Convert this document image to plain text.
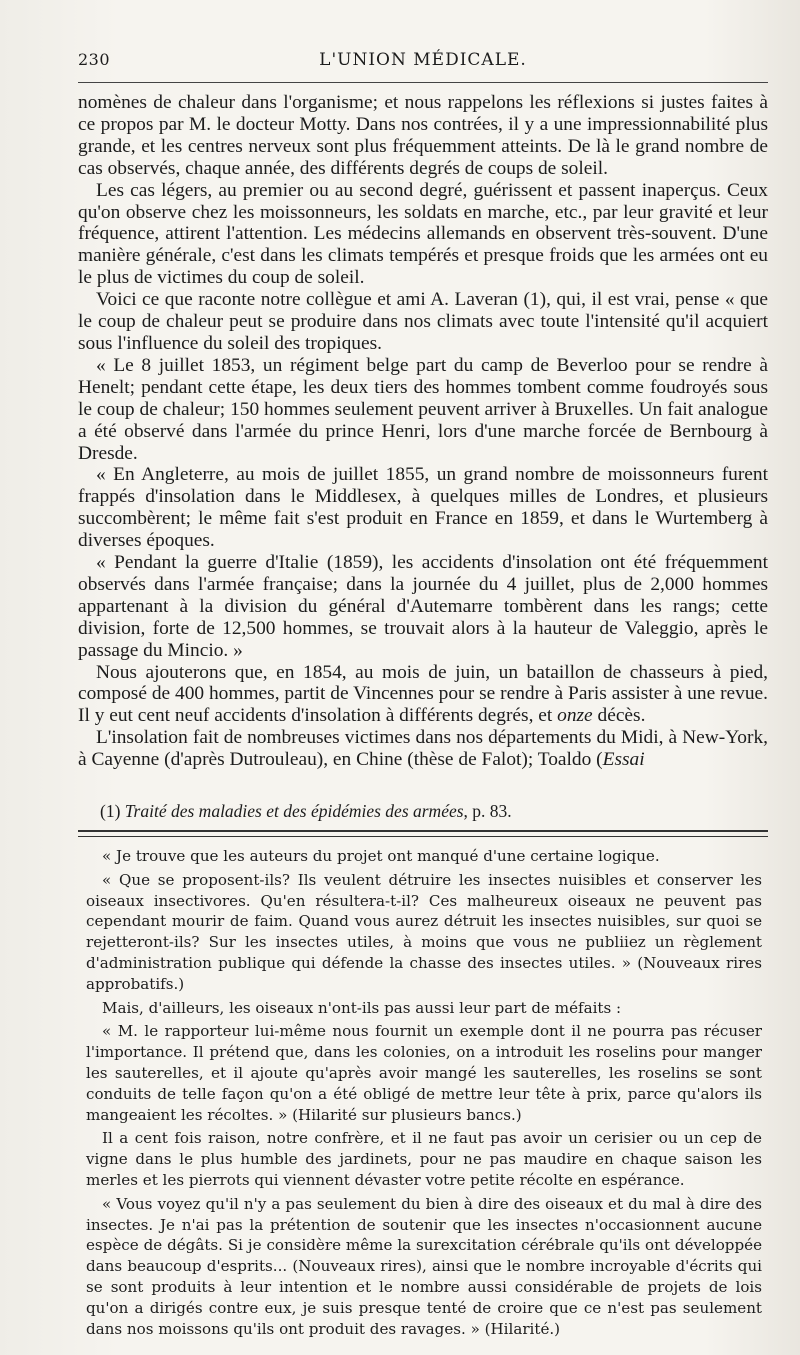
230	L'UNION MÉDICALE.

nomènes de chaleur dans l'organisme; et nous rappelons les réflexions si justes faites à ce propos par M. le docteur Motty. Dans nos contrées, il y a une impressionnabilité plus grande, et les centres nerveux sont plus fréquemment atteints. De là le grand nombre de cas observés, chaque année, des différents degrés de coups de soleil.

Les cas légers, au premier ou au second degré, guérissent et passent inaperçus. Ceux qu'on observe chez les moissonneurs, les soldats en marche, etc., par leur gravité et leur fréquence, attirent l'attention. Les médecins allemands en observent très-souvent. D'une manière générale, c'est dans les climats tempérés et presque froids que les armées ont eu le plus de victimes du coup de soleil.

Voici ce que raconte notre collègue et ami A. Laveran (1), qui, il est vrai, pense « que le coup de chaleur peut se produire dans nos climats avec toute l'intensité qu'il acquiert sous l'influence du soleil des tropiques.

« Le 8 juillet 1853, un régiment belge part du camp de Beverloo pour se rendre à Henelt; pendant cette étape, les deux tiers des hommes tombent comme foudroyés sous le coup de chaleur; 150 hommes seulement peuvent arriver à Bruxelles. Un fait analogue a été observé dans l'armée du prince Henri, lors d'une marche forcée de Bernbourg à Dresde.

« En Angleterre, au mois de juillet 1855, un grand nombre de moissonneurs furent frappés d'insolation dans le Middlesex, à quelques milles de Londres, et plusieurs succombèrent; le même fait s'est produit en France en 1859, et dans le Wurtemberg à diverses époques.

« Pendant la guerre d'Italie (1859), les accidents d'insolation ont été fréquemment observés dans l'armée française; dans la journée du 4 juillet, plus de 2,000 hommes appartenant à la division du général d'Autemarre tombèrent dans les rangs; cette division, forte de 12,500 hommes, se trouvait alors à la hauteur de Valeggio, après le passage du Mincio. »

Nous ajouterons que, en 1854, au mois de juin, un bataillon de chasseurs à pied, composé de 400 hommes, partit de Vincennes pour se rendre à Paris assister à une revue. Il y eut cent neuf accidents d'insolation à différents degrés, et onze décès.

L'insolation fait de nombreuses victimes dans nos départements du Midi, à New-York, à Cayenne (d'après Dutrouleau), en Chine (thèse de Falot); Toaldo (Essai

(1) Traité des maladies et des épidémies des armées, p. 83.

« Je trouve que les auteurs du projet ont manqué d'une certaine logique.

« Que se proposent-ils? Ils veulent détruire les insectes nuisibles et conserver les oiseaux insectivores. Qu'en résultera-t-il? Ces malheureux oiseaux ne peuvent pas cependant mourir de faim. Quand vous aurez détruit les insectes nuisibles, sur quoi se rejetteront-ils? Sur les insectes utiles, à moins que vous ne publiiez un règlement d'administration publique qui défende la chasse des insectes utiles. » (Nouveaux rires approbatifs.)

Mais, d'ailleurs, les oiseaux n'ont-ils pas aussi leur part de méfaits :

« M. le rapporteur lui-même nous fournit un exemple dont il ne pourra pas récuser l'importance. Il prétend que, dans les colonies, on a introduit les roselins pour manger les sauterelles, et il ajoute qu'après avoir mangé les sauterelles, les roselins se sont conduits de telle façon qu'on a été obligé de mettre leur tête à prix, parce qu'alors ils mangeaient les récoltes. » (Hilarité sur plusieurs bancs.)

Il a cent fois raison, notre confrère, et il ne faut pas avoir un cerisier ou un cep de vigne dans le plus humble des jardinets, pour ne pas maudire en chaque saison les merles et les pierrots qui viennent dévaster votre petite récolte en espérance.

« Vous voyez qu'il n'y a pas seulement du bien à dire des oiseaux et du mal à dire des insectes. Je n'ai pas la prétention de soutenir que les insectes n'occasionnent aucune espèce de dégâts. Si je considère même la surexcitation cérébrale qu'ils ont développée dans beaucoup d'esprits... (Nouveaux rires), ainsi que le nombre incroyable d'écrits qui se sont produits à leur intention et le nombre aussi considérable de projets de lois qu'on a dirigés contre eux, je suis presque tenté de croire que ce n'est pas seulement dans nos moissons qu'ils ont produit des ravages. » (Hilarité.)
